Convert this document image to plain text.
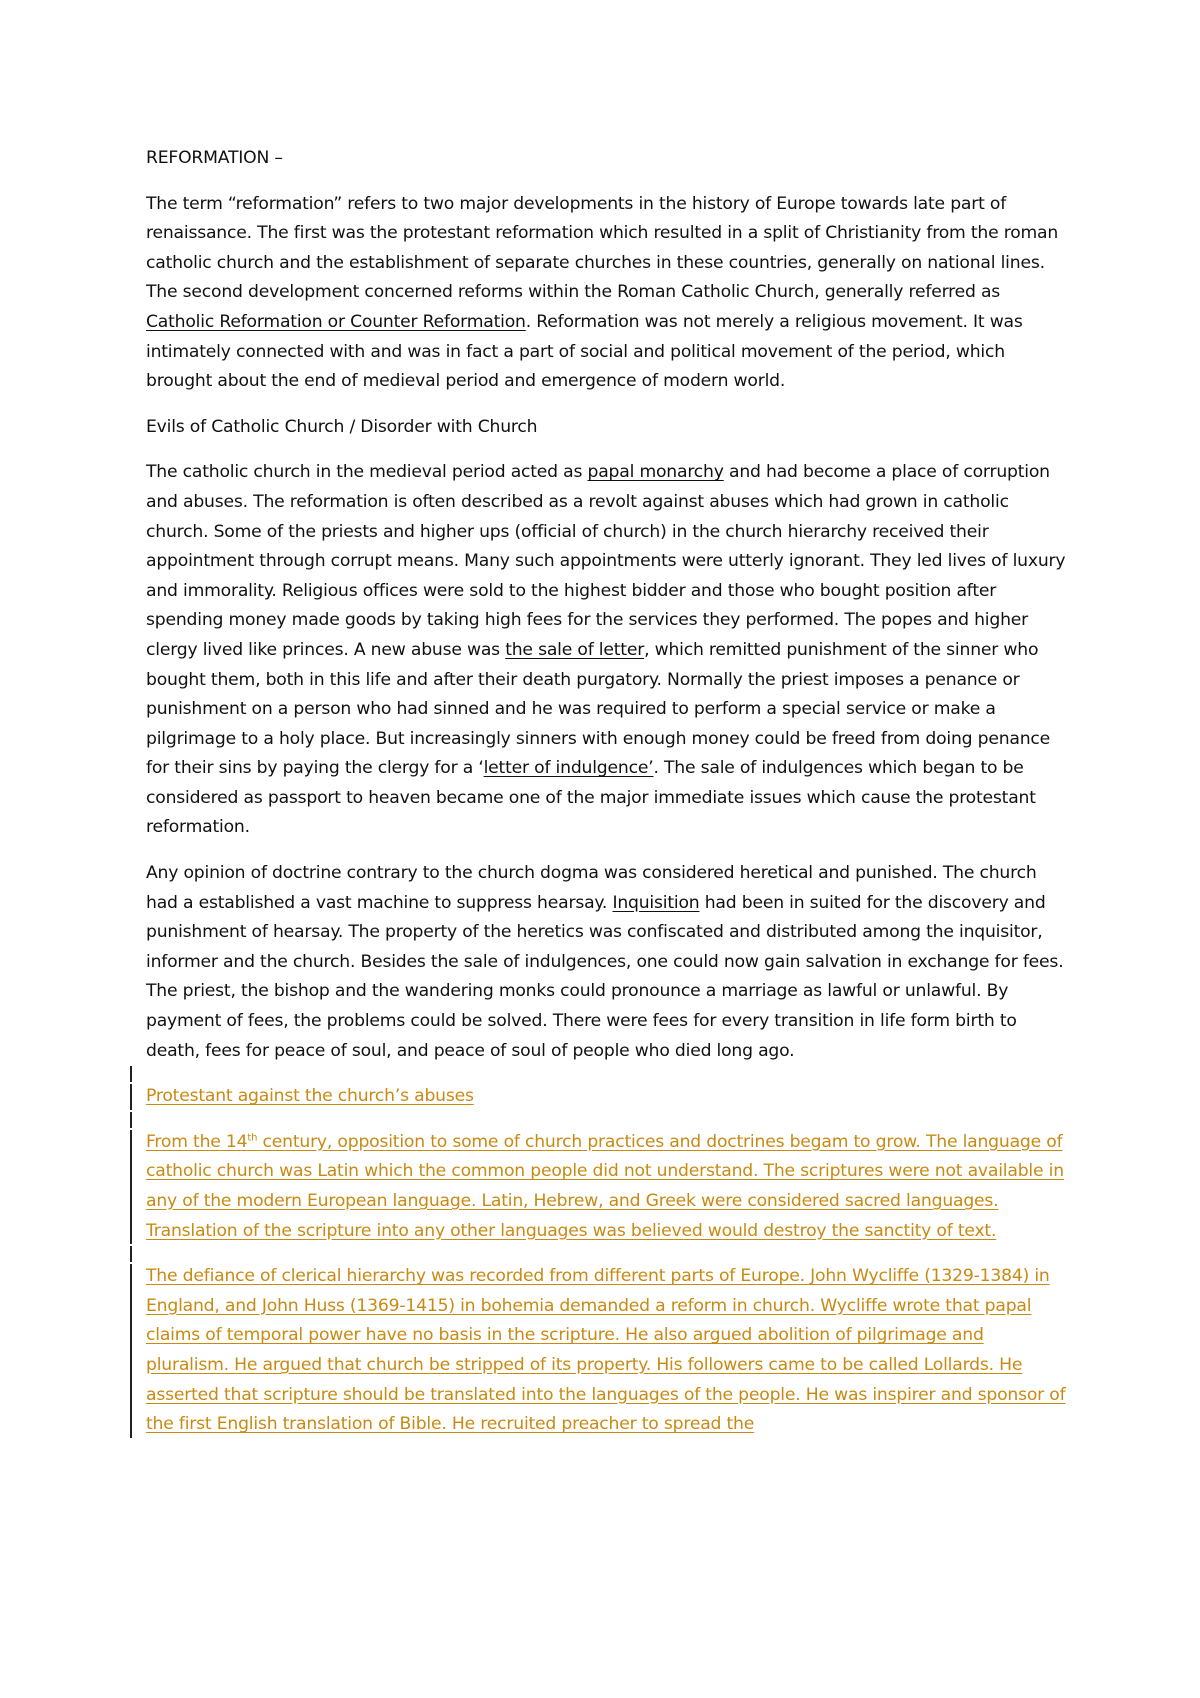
REFORMATION –

The term “reformation” refers to two major developments in the history of Europe towards late part of renaissance. The first was the protestant reformation which resulted in a split of Christianity from the roman catholic church and the establishment of separate churches in these countries, generally on national lines. The second development concerned reforms within the Roman Catholic Church, generally referred as Catholic Reformation or Counter Reformation. Reformation was not merely a religious movement. It was intimately connected with and was in fact a part of social and political movement of the period, which brought about the end of medieval period and emergence of modern world.

Evils of Catholic Church / Disorder with Church

The catholic church in the medieval period acted as papal monarchy and had become a place of corruption and abuses. The reformation is often described as a revolt against abuses which had grown in catholic church. Some of the priests and higher ups (official of church) in the church hierarchy received their appointment through corrupt means. Many such appointments were utterly ignorant. They led lives of luxury and immorality. Religious offices were sold to the highest bidder and those who bought position after spending money made goods by taking high fees for the services they performed. The popes and higher clergy lived like princes. A new abuse was the sale of letter, which remitted punishment of the sinner who bought them, both in this life and after their death purgatory. Normally the priest imposes a penance or punishment on a person who had sinned and he was required to perform a special service or make a pilgrimage to a holy place. But increasingly sinners with enough money could be freed from doing penance for their sins by paying the clergy for a ‘letter of indulgence’. The sale of indulgences which began to be considered as passport to heaven became one of the major immediate issues which cause the protestant reformation.

Any opinion of doctrine contrary to the church dogma was considered heretical and punished. The church had a established a vast machine to suppress hearsay. Inquisition had been in suited for the discovery and punishment of hearsay. The property of the heretics was confiscated and distributed among the inquisitor, informer and the church. Besides the sale of indulgences, one could now gain salvation in exchange for fees. The priest, the bishop and the wandering monks could pronounce a marriage as lawful or unlawful. By payment of fees, the problems could be solved. There were fees for every transition in life form birth to death, fees for peace of soul, and peace of soul of people who died long ago.

Protestant against the church’s abuses

From the 14th century, opposition to some of church practices and doctrines begam to grow. The language of catholic church was Latin which the common people did not understand. The scriptures were not available in any of the modern European language. Latin, Hebrew, and Greek were considered sacred languages. Translation of the scripture into any other languages was believed would destroy the sanctity of text.

The defiance of clerical hierarchy was recorded from different parts of Europe. John Wycliffe (1329-1384) in England, and John Huss (1369-1415) in bohemia demanded a reform in church. Wycliffe wrote that papal claims of temporal power have no basis in the scripture. He also argued abolition of pilgrimage and pluralism. He argued that church be stripped of its property. His followers came to be called Lollards. He asserted that scripture should be translated into the languages of the people. He was inspirer and sponsor of the first English translation of Bible. He recruited preacher to spread the
